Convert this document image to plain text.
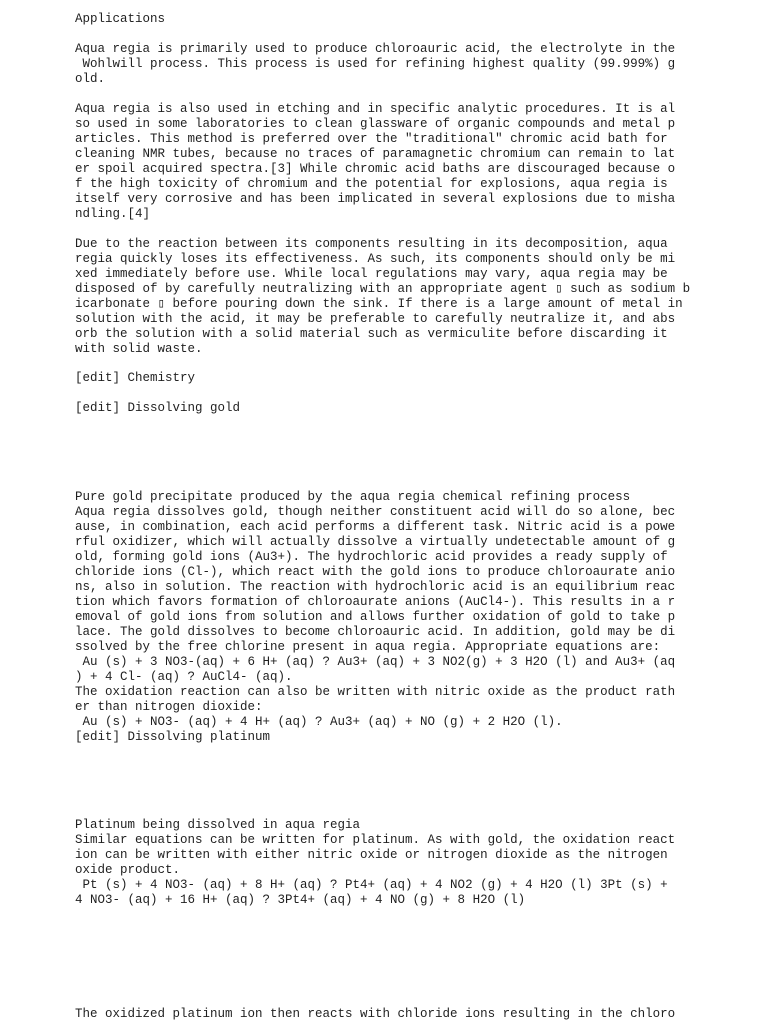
Applications

Aqua regia is primarily used to produce chloroauric acid, the electrolyte in the

Wohlwill process. This process is used for refining highest quality (99.999%) g

old.

Aqua regia is also used in etching and in specific analytic procedures. It is al

so used in some laboratories to clean glassware of organic compounds and metal p

articles. This method is preferred over the "traditional" chromic acid bath for

cleaning NMR tubes, because no traces of paramagnetic chromium can remain to lat

er spoil acquired spectra.[3] While chromic acid baths are discouraged because o

f the high toxicity of chromium and the potential for explosions, aqua regia is

itself very corrosive and has been implicated in several explosions due to misha

ndling.[4]

Due to the reaction between its components resulting in its decomposition, aqua

regia quickly loses its effectiveness. As such, its components should only be mi

xed immediately before use. While local regulations may vary, aqua regia may be

disposed of by carefully neutralizing with an appropriate agent ▯ such as sodium b

icarbonate ▯ before pouring down the sink. If there is a large amount of metal in

solution with the acid, it may be preferable to carefully neutralize it, and abs

orb the solution with a solid material such as vermiculite before discarding it

with solid waste.

[edit] Chemistry

[edit] Dissolving gold

Pure gold precipitate produced by the aqua regia chemical refining process

Aqua regia dissolves gold, though neither constituent acid will do so alone, bec

ause, in combination, each acid performs a different task. Nitric acid is a powe

rful oxidizer, which will actually dissolve a virtually undetectable amount of g

old, forming gold ions (Au3+). The hydrochloric acid provides a ready supply of

chloride ions (Cl-), which react with the gold ions to produce chloroaurate anio

ns, also in solution. The reaction with hydrochloric acid is an equilibrium reac

tion which favors formation of chloroaurate anions (AuCl4-). This results in a r

emoval of gold ions from solution and allows further oxidation of gold to take p

lace. The gold dissolves to become chloroauric acid. In addition, gold may be di

ssolved by the free chlorine present in aqua regia. Appropriate equations are:

Au (s) + 3 NO3-(aq) + 6 H+ (aq) ? Au3+ (aq) + 3 NO2(g) + 3 H2O (l) and Au3+ (aq

) + 4 Cl- (aq) ? AuCl4- (aq).

The oxidation reaction can also be written with nitric oxide as the product rath

er than nitrogen dioxide:

Au (s) + NO3- (aq) + 4 H+ (aq) ? Au3+ (aq) + NO (g) + 2 H2O (l).

[edit] Dissolving platinum

Platinum being dissolved in aqua regia

Similar equations can be written for platinum. As with gold, the oxidation react

ion can be written with either nitric oxide or nitrogen dioxide as the nitrogen

oxide product.

Pt (s) + 4 NO3- (aq) + 8 H+ (aq) ? Pt4+ (aq) + 4 NO2 (g) + 4 H2O (l) 3Pt (s) +

4 NO3- (aq) + 16 H+ (aq) ? 3Pt4+ (aq) + 4 NO (g) + 8 H2O (l)

The oxidized platinum ion then reacts with chloride ions resulting in the chloro
